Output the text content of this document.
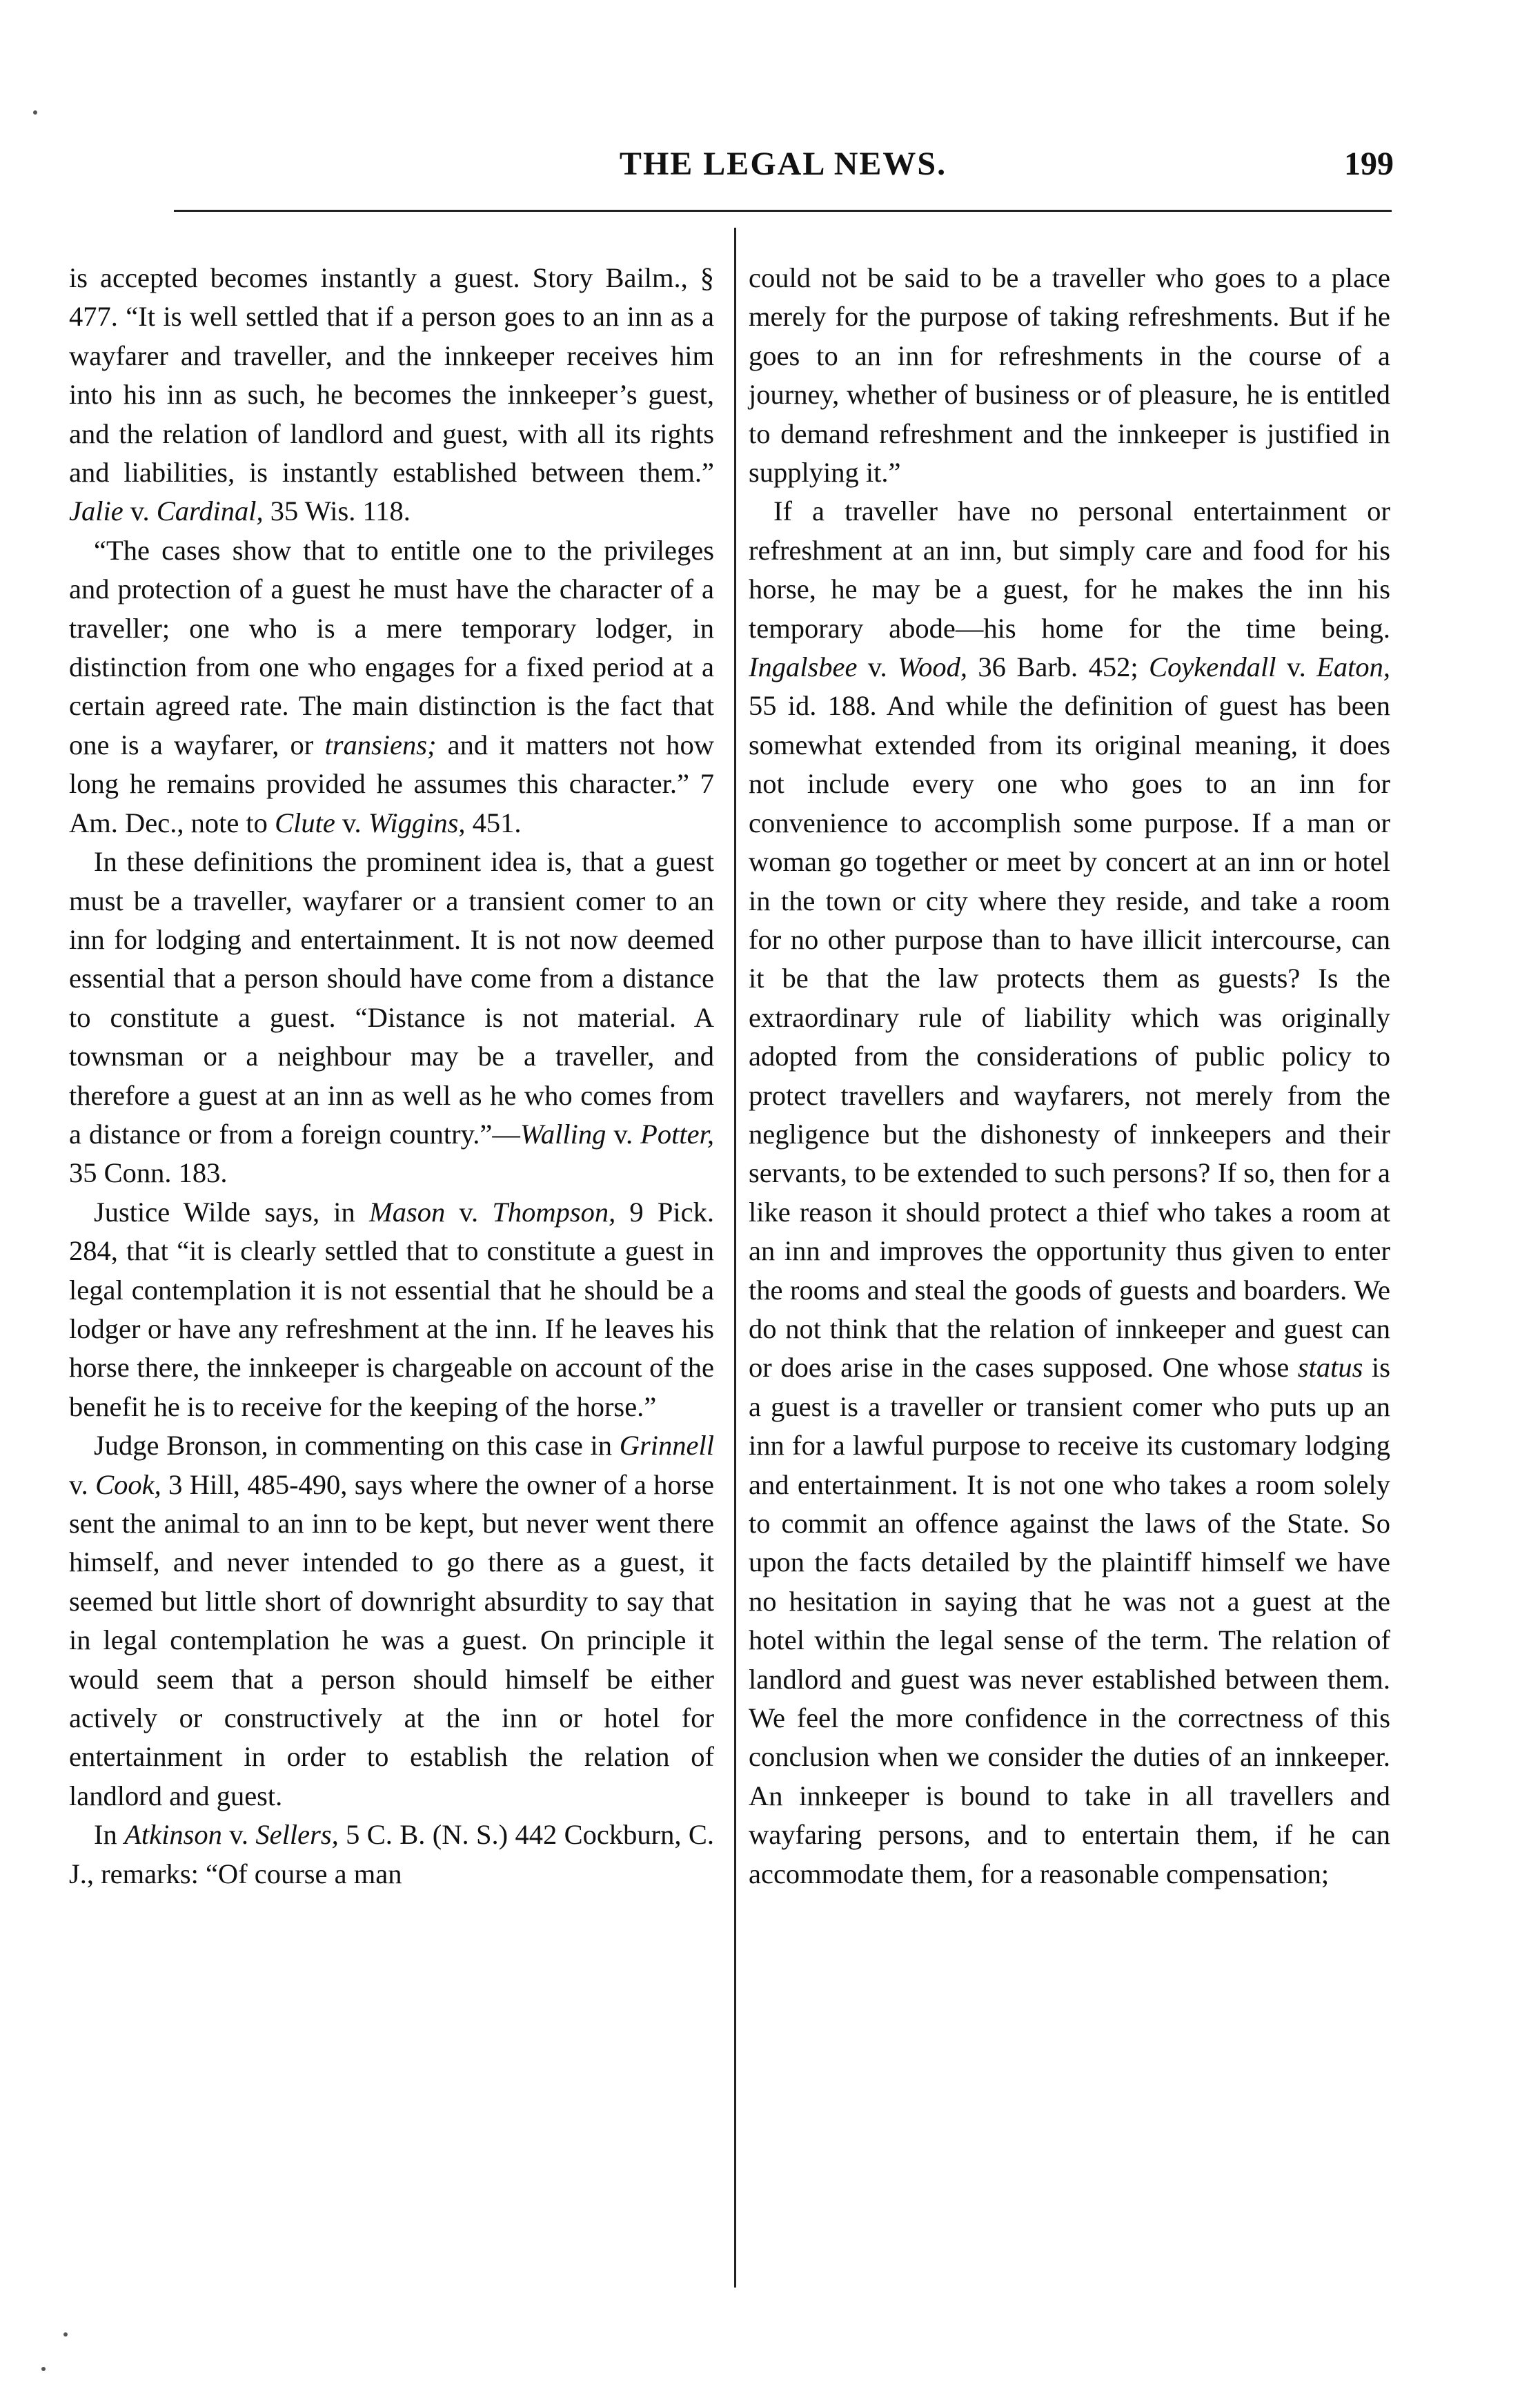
THE LEGAL NEWS.	199

is accepted becomes instantly a guest. Story Bailm., § 477. “It is well settled that if a person goes to an inn as a wayfarer and traveller, and the innkeeper receives him into his inn as such, he becomes the innkeeper’s guest, and the relation of landlord and guest, with all its rights and liabilities, is instantly established between them.” Jalie v. Cardinal, 35 Wis. 118.

“The cases show that to entitle one to the privileges and protection of a guest he must have the character of a traveller; one who is a mere temporary lodger, in distinction from one who engages for a fixed period at a certain agreed rate. The main distinction is the fact that one is a wayfarer, or transiens; and it matters not how long he remains provided he assumes this character.” 7 Am. Dec., note to Clute v. Wiggins, 451.

In these definitions the prominent idea is, that a guest must be a traveller, wayfarer or a transient comer to an inn for lodging and entertainment. It is not now deemed essential that a person should have come from a distance to constitute a guest. “Distance is not material. A townsman or a neighbour may be a traveller, and therefore a guest at an inn as well as he who comes from a distance or from a foreign country.”—Walling v. Potter, 35 Conn. 183.

Justice Wilde says, in Mason v. Thompson, 9 Pick. 284, that “it is clearly settled that to constitute a guest in legal contemplation it is not essential that he should be a lodger or have any refreshment at the inn. If he leaves his horse there, the innkeeper is chargeable on account of the benefit he is to receive for the keeping of the horse.”

Judge Bronson, in commenting on this case in Grinnell v. Cook, 3 Hill, 485-490, says where the owner of a horse sent the animal to an inn to be kept, but never went there himself, and never intended to go there as a guest, it seemed but little short of downright absurdity to say that in legal contemplation he was a guest. On principle it would seem that a person should himself be either actively or constructively at the inn or hotel for entertainment in order to establish the relation of landlord and guest.

In Atkinson v. Sellers, 5 C. B. (N. S.) 442 Cockburn, C. J., remarks: “Of course a man

could not be said to be a traveller who goes to a place merely for the purpose of taking refreshments. But if he goes to an inn for refreshments in the course of a journey, whether of business or of pleasure, he is entitled to demand refreshment and the innkeeper is justified in supplying it.”

If a traveller have no personal entertainment or refreshment at an inn, but simply care and food for his horse, he may be a guest, for he makes the inn his temporary abode—his home for the time being. Ingalsbee v. Wood, 36 Barb. 452; Coykendall v. Eaton, 55 id. 188. And while the definition of guest has been somewhat extended from its original meaning, it does not include every one who goes to an inn for convenience to accomplish some purpose. If a man or woman go together or meet by concert at an inn or hotel in the town or city where they reside, and take a room for no other purpose than to have illicit intercourse, can it be that the law protects them as guests? Is the extraordinary rule of liability which was originally adopted from the considerations of public policy to protect travellers and wayfarers, not merely from the negligence but the dishonesty of innkeepers and their servants, to be extended to such persons? If so, then for a like reason it should protect a thief who takes a room at an inn and improves the opportunity thus given to enter the rooms and steal the goods of guests and boarders. We do not think that the relation of innkeeper and guest can or does arise in the cases supposed. One whose status is a guest is a traveller or transient comer who puts up an inn for a lawful purpose to receive its customary lodging and entertainment. It is not one who takes a room solely to commit an offence against the laws of the State. So upon the facts detailed by the plaintiff himself we have no hesitation in saying that he was not a guest at the hotel within the legal sense of the term. The relation of landlord and guest was never established between them. We feel the more confidence in the correctness of this conclusion when we consider the duties of an innkeeper. An innkeeper is bound to take in all travellers and wayfaring persons, and to entertain them, if he can accommodate them, for a reasonable compensation;
